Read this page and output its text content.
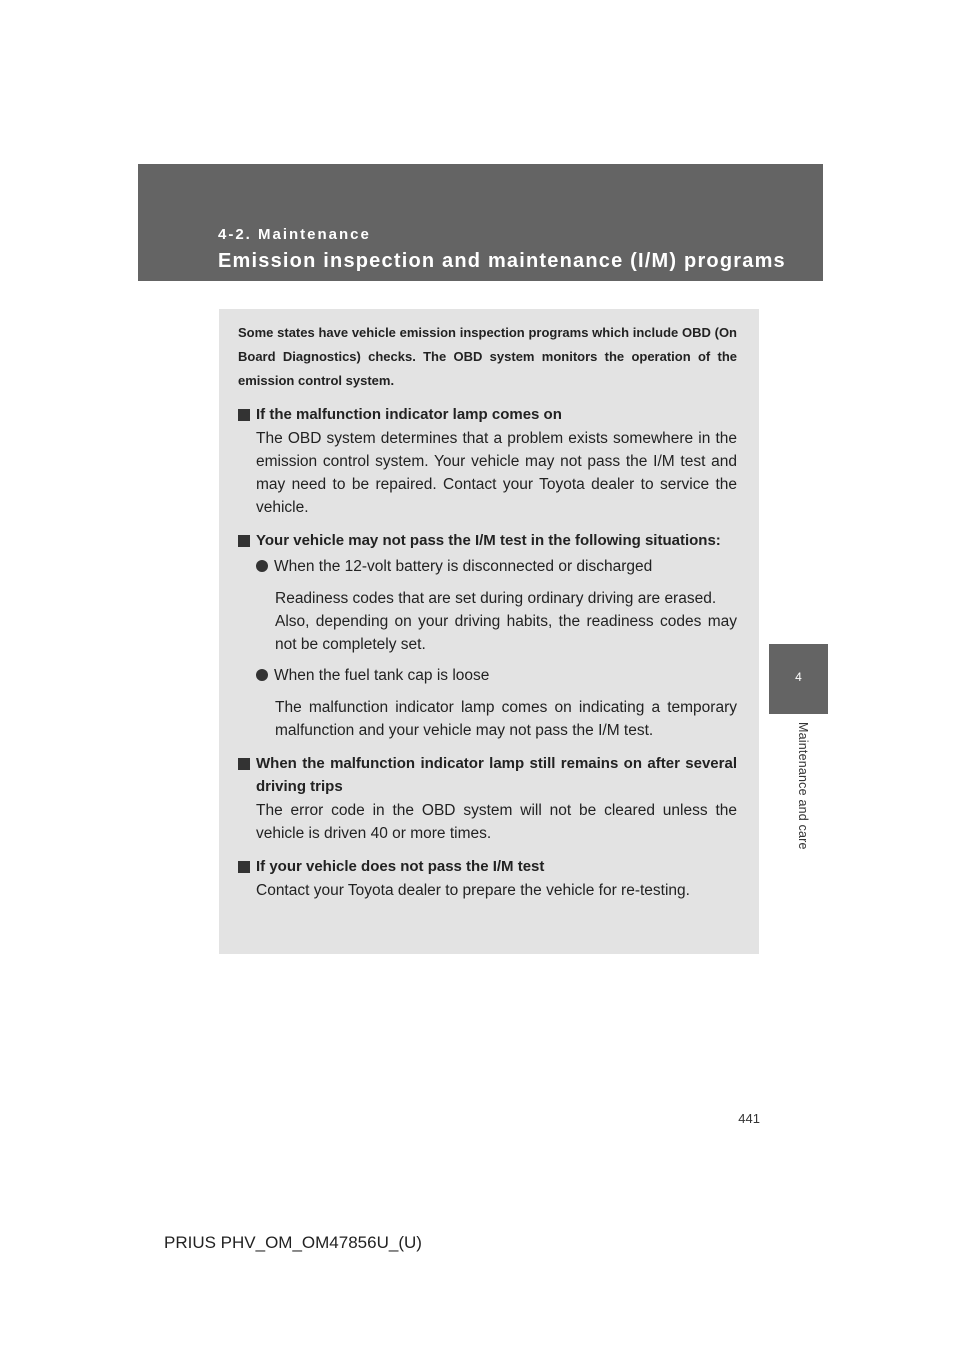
4-2. Maintenance
Emission inspection and maintenance (I/M) programs
4
Maintenance and care

Some states have vehicle emission inspection programs which include OBD (On Board Diagnostics) checks. The OBD system monitors the operation of the emission control system.

If the malfunction indicator lamp comes on

The OBD system determines that a problem exists somewhere in the emission control system. Your vehicle may not pass the I/M test and may need to be repaired. Contact your Toyota dealer to service the vehicle.

Your vehicle may not pass the I/M test in the following situations:
When the 12-volt battery is disconnected or discharged

Readiness codes that are set during ordinary driving are erased.

Also, depending on your driving habits, the readiness codes may not be completely set.

When the fuel tank cap is loose

The malfunction indicator lamp comes on indicating a temporary malfunction and your vehicle may not pass the I/M test.

When the malfunction indicator lamp still remains on after several driving trips

The error code in the OBD system will not be cleared unless the vehicle is driven 40 or more times.

If your vehicle does not pass the I/M test

Contact your Toyota dealer to prepare the vehicle for re-testing.

441
PRIUS PHV_OM_OM47856U_(U)
